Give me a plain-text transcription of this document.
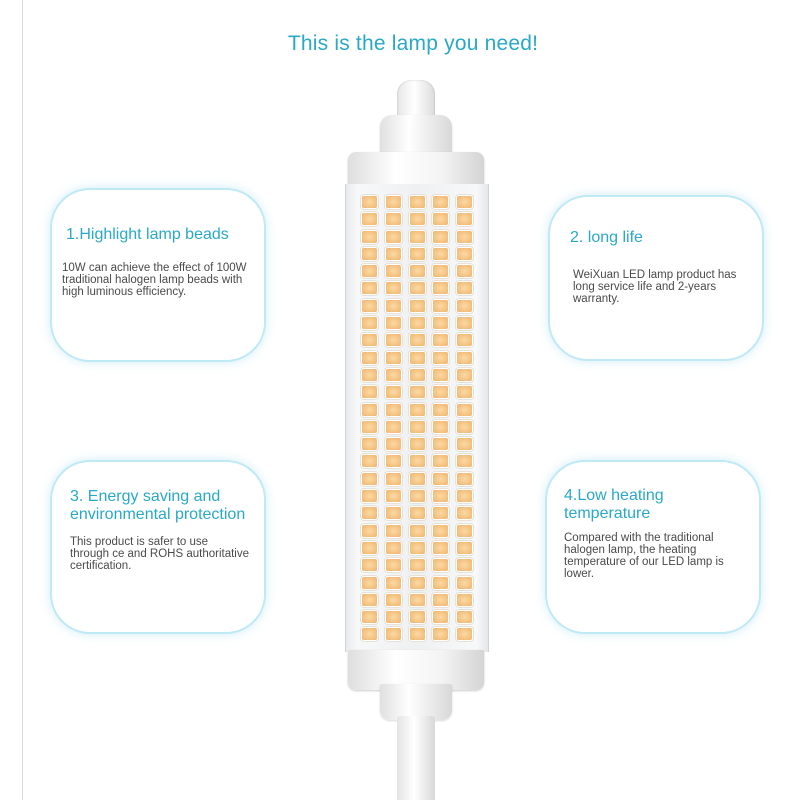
This is the lamp you need!
1.Highlight lamp beads
10W can achieve the effect of 100W traditional halogen lamp beads with high luminous efficiency.
2. long life
WeiXuan LED lamp product has long service life and 2-years warranty.
3. Energy saving and environmental protection
This product is safer to use through ce and ROHS authoritative certification.
4.Low heating temperature
Compared with the traditional halogen lamp, the heating temperature of our LED lamp is lower.
